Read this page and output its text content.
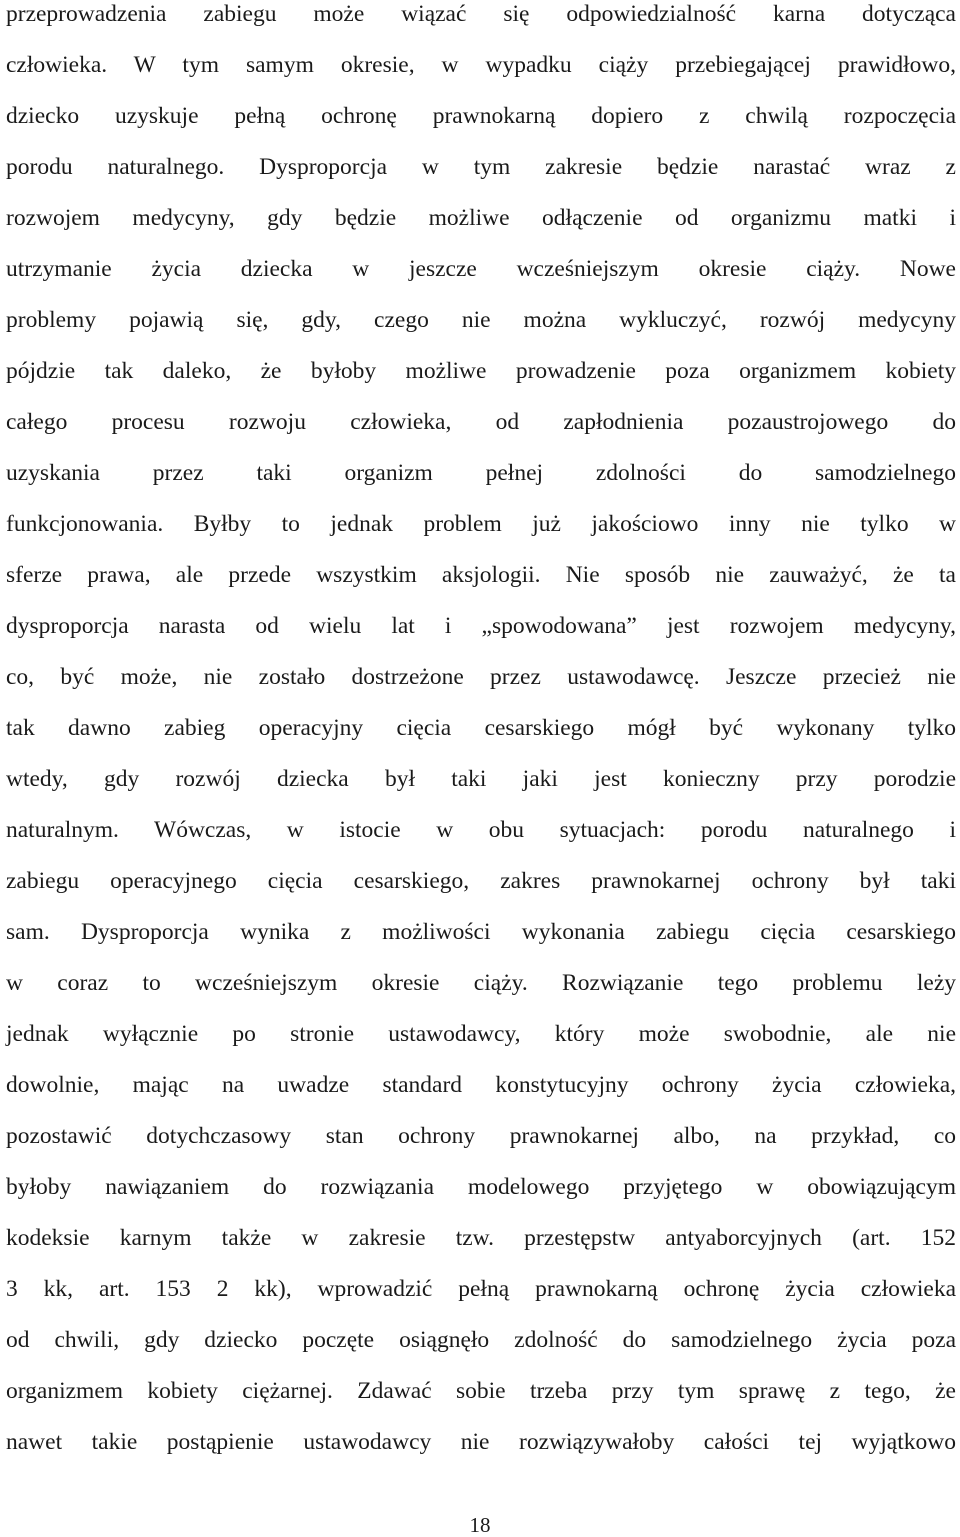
przeprowadzenia zabiegu może wiązać się odpowiedzialność karna dotycząca
człowieka. W tym samym okresie, w wypadku ciąży przebiegającej prawidłowo,
dziecko uzyskuje pełną ochronę prawnokarną dopiero z chwilą rozpoczęcia
porodu naturalnego. Dysproporcja w tym zakresie będzie narastać wraz z
rozwojem medycyny, gdy będzie możliwe odłączenie od organizmu matki i
utrzymanie życia dziecka w jeszcze wcześniejszym okresie ciąży. Nowe
problemy pojawią się, gdy, czego nie można wykluczyć, rozwój medycyny
pójdzie tak daleko, że byłoby możliwe prowadzenie poza organizmem kobiety
całego procesu rozwoju człowieka, od zapłodnienia pozaustrojowego do
uzyskania przez taki organizm pełnej zdolności do samodzielnego
funkcjonowania. Byłby to jednak problem już jakościowo inny nie tylko w
sferze prawa, ale przede wszystkim aksjologii. Nie sposób nie zauważyć, że ta
dysproporcja narasta od wielu lat i „spowodowana” jest rozwojem medycyny,
co, być może, nie zostało dostrzeżone przez ustawodawcę. Jeszcze przecież nie
tak dawno zabieg operacyjny cięcia cesarskiego mógł być wykonany tylko
wtedy, gdy rozwój dziecka był taki jaki jest konieczny przy porodzie
naturalnym. Wówczas, w istocie w obu sytuacjach: porodu naturalnego i
zabiegu operacyjnego cięcia cesarskiego, zakres prawnokarnej ochrony był taki
sam. Dysproporcja wynika z możliwości wykonania zabiegu cięcia cesarskiego
w coraz to wcześniejszym okresie ciąży. Rozwiązanie tego problemu leży
jednak wyłącznie po stronie ustawodawcy, który może swobodnie, ale nie
dowolnie, mając na uwadze standard konstytucyjny ochrony życia człowieka,
pozostawić dotychczasowy stan ochrony prawnokarnej albo, na przykład, co
byłoby nawiązaniem do rozwiązania modelowego przyjętego w obowiązującym
kodeksie karnym także w zakresie tzw. przestępstw antyaborcyjnych (art. 152
3 kk, art. 153 2 kk), wprowadzić pełną prawnokarną ochronę życia człowieka
od chwili, gdy dziecko poczęte osiągnęło zdolność do samodzielnego życia poza
organizmem kobiety ciężarnej. Zdawać sobie trzeba przy tym sprawę z tego, że
nawet takie postąpienie ustawodawcy nie rozwiązywałoby całości tej wyjątkowo
18
